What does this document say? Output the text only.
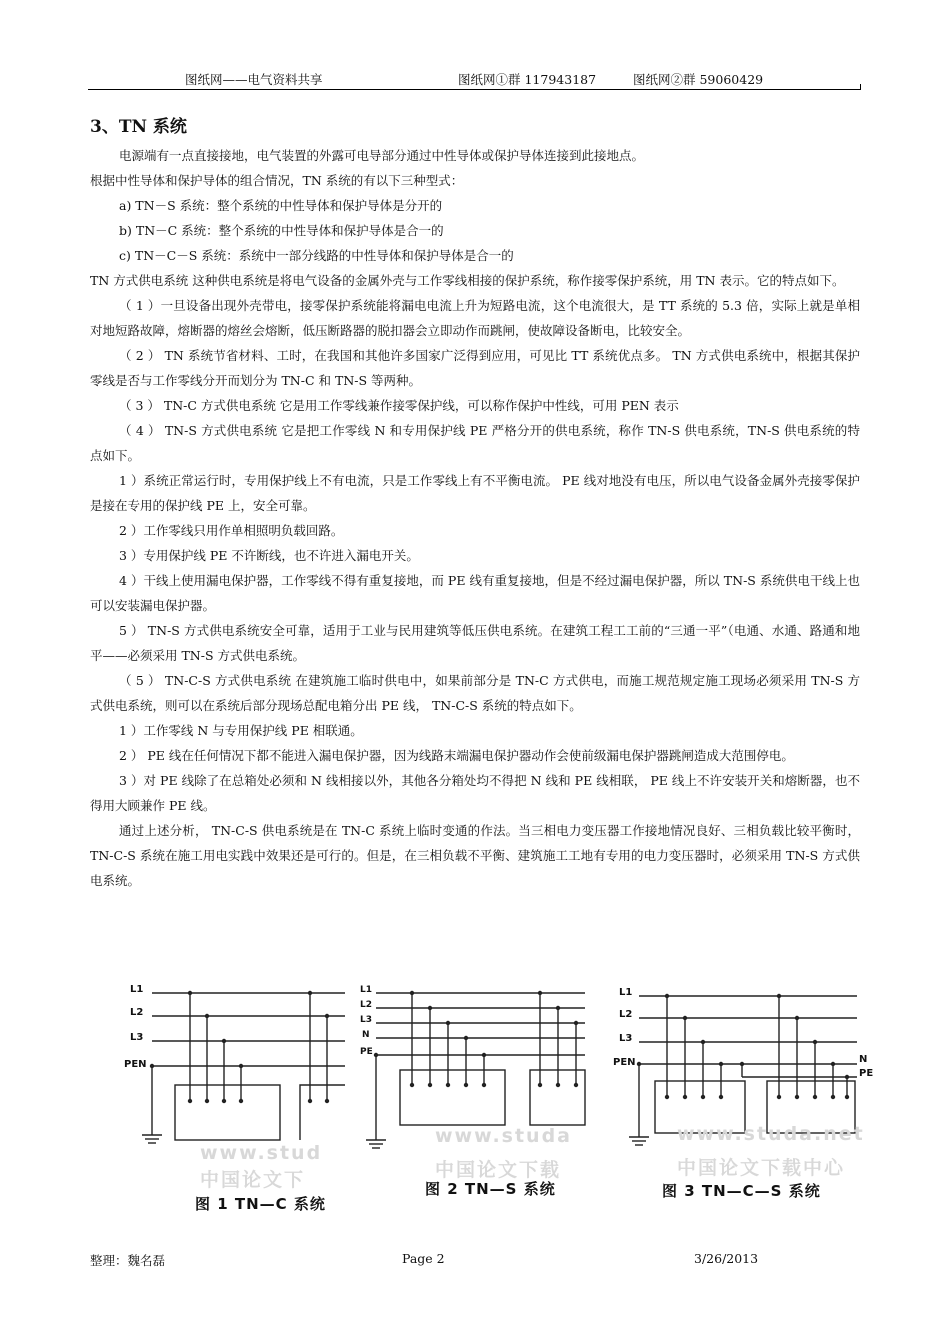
图纸网——电气资料共享	图纸网①群 117943187	图纸网②群 59060429
3、TN 系统

电源端有一点直接接地，电气装置的外露可电导部分通过中性导体或保护导体连接到此接地点。

根据中性导体和保护导体的组合情况，TN 系统的有以下三种型式：

a) TN－S 系统：整个系统的中性导体和保护导体是分开的

b) TN－C 系统：整个系统的中性导体和保护导体是合一的

c) TN－C－S 系统：系统中一部分线路的中性导体和保护导体是合一的

TN 方式供电系统 这种供电系统是将电气设备的金属外壳与工作零线相接的保护系统，称作接零保护系统，用 TN 表示。它的特点如下。

（ 1 ）一旦设备出现外壳带电，接零保护系统能将漏电电流上升为短路电流，这个电流很大，是 TT 系统的 5.3 倍，实际上就是单相对地短路故障，熔断器的熔丝会熔断，低压断路器的脱扣器会立即动作而跳闸，使故障设备断电，比较安全。

（ 2 ） TN 系统节省材料、工时，在我国和其他许多国家广泛得到应用，可见比 TT 系统优点多。 TN 方式供电系统中，根据其保护零线是否与工作零线分开而划分为 TN-C 和 TN-S 等两种。

（ 3 ） TN-C 方式供电系统 它是用工作零线兼作接零保护线，可以称作保护中性线，可用 PEN 表示

（ 4 ） TN-S 方式供电系统 它是把工作零线 N 和专用保护线 PE 严格分开的供电系统，称作 TN-S 供电系统，TN-S 供电系统的特点如下。

1 ）系统正常运行时，专用保护线上不有电流，只是工作零线上有不平衡电流。 PE 线对地没有电压，所以电气设备金属外壳接零保护是接在专用的保护线 PE 上，安全可靠。

2 ）工作零线只用作单相照明负载回路。

3 ）专用保护线 PE 不许断线，也不许进入漏电开关。

4 ）干线上使用漏电保护器，工作零线不得有重复接地，而 PE 线有重复接地，但是不经过漏电保护器，所以 TN-S 系统供电干线上也可以安装漏电保护器。

5 ） TN-S 方式供电系统安全可靠，适用于工业与民用建筑等低压供电系统。在建筑工程工工前的“三通一平”（电通、水通、路通和地平——必须采用 TN-S 方式供电系统。

（ 5 ） TN-C-S 方式供电系统 在建筑施工临时供电中，如果前部分是 TN-C 方式供电，而施工规范规定施工现场必须采用 TN-S 方式供电系统，则可以在系统后部分现场总配电箱分出 PE 线， TN-C-S 系统的特点如下。

1 ）工作零线 N 与专用保护线 PE 相联通。

2 ） PE 线在任何情况下都不能进入漏电保护器，因为线路末端漏电保护器动作会使前级漏电保护器跳闸造成大范围停电。

3 ）对 PE 线除了在总箱处必须和 N 线相接以外，其他各分箱处均不得把 N 线和 PE 线相联， PE 线上不许安装开关和熔断器，也不得用大顾兼作 PE 线。

通过上述分析， TN-C-S 供电系统是在 TN-C 系统上临时变通的作法。当三相电力变压器工作接地情况良好、三相负载比较平衡时， TN-C-S 系统在施工用电实践中效果还是可行的。但是，在三相负载不平衡、建筑施工工地有专用的电力变压器时，必须采用 TN-S 方式供电系统。

L1
L2
L3
PEN
www.stud
中国论文下
图 1 TN—C 系统
L1
L2
L3
N
PE
www.studa
中国论文下载
图 2 TN—S 系统
L1
L2
L3
PEN	N
PE
www.studa.net
中国论文下载中心
图 3 TN—C—S 系统
整理：魏名磊	Page 2	3/26/2013
